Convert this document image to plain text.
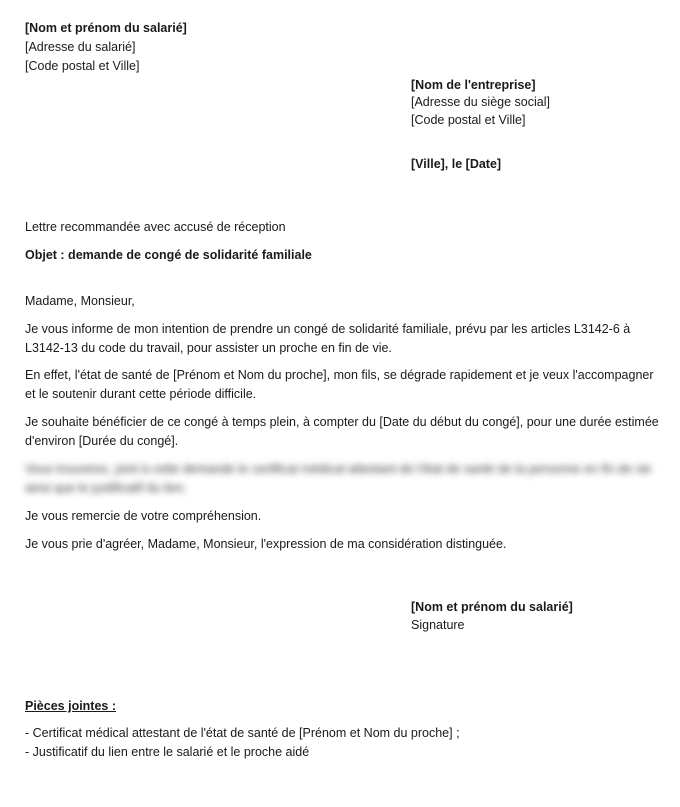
[Nom et prénom du salarié]
[Adresse du salarié]
[Code postal et Ville]
[Nom de l'entreprise]
[Adresse du siège social]
[Code postal et Ville]
[Ville], le [Date]
Lettre recommandée avec accusé de réception
Objet : demande de congé de solidarité familiale
Madame, Monsieur,
Je vous informe de mon intention de prendre un congé de solidarité familiale, prévu par les articles L3142-6 à L3142-13 du code du travail, pour assister un proche en fin de vie.
En effet, l'état de santé de [Prénom et Nom du proche], mon fils, se dégrade rapidement et je veux l'accompagner et le soutenir durant cette période difficile.
Je souhaite bénéficier de ce congé à temps plein, à compter du [Date du début du congé], pour une durée estimée d'environ [Durée du congé].
Vous trouverez, joint à cette demande le certificat médical attestant de l'état de santé de la personne en fin de vie ainsi que le justificatif du lien.
Je vous remercie de votre compréhension.
Je vous prie d'agréer, Madame, Monsieur, l'expression de ma considération distinguée.
[Nom et prénom du salarié]
Signature
Pièces jointes :
- Certificat médical attestant de l'état de santé de [Prénom et Nom du proche] ;
- Justificatif du lien entre le salarié et le proche aidé
